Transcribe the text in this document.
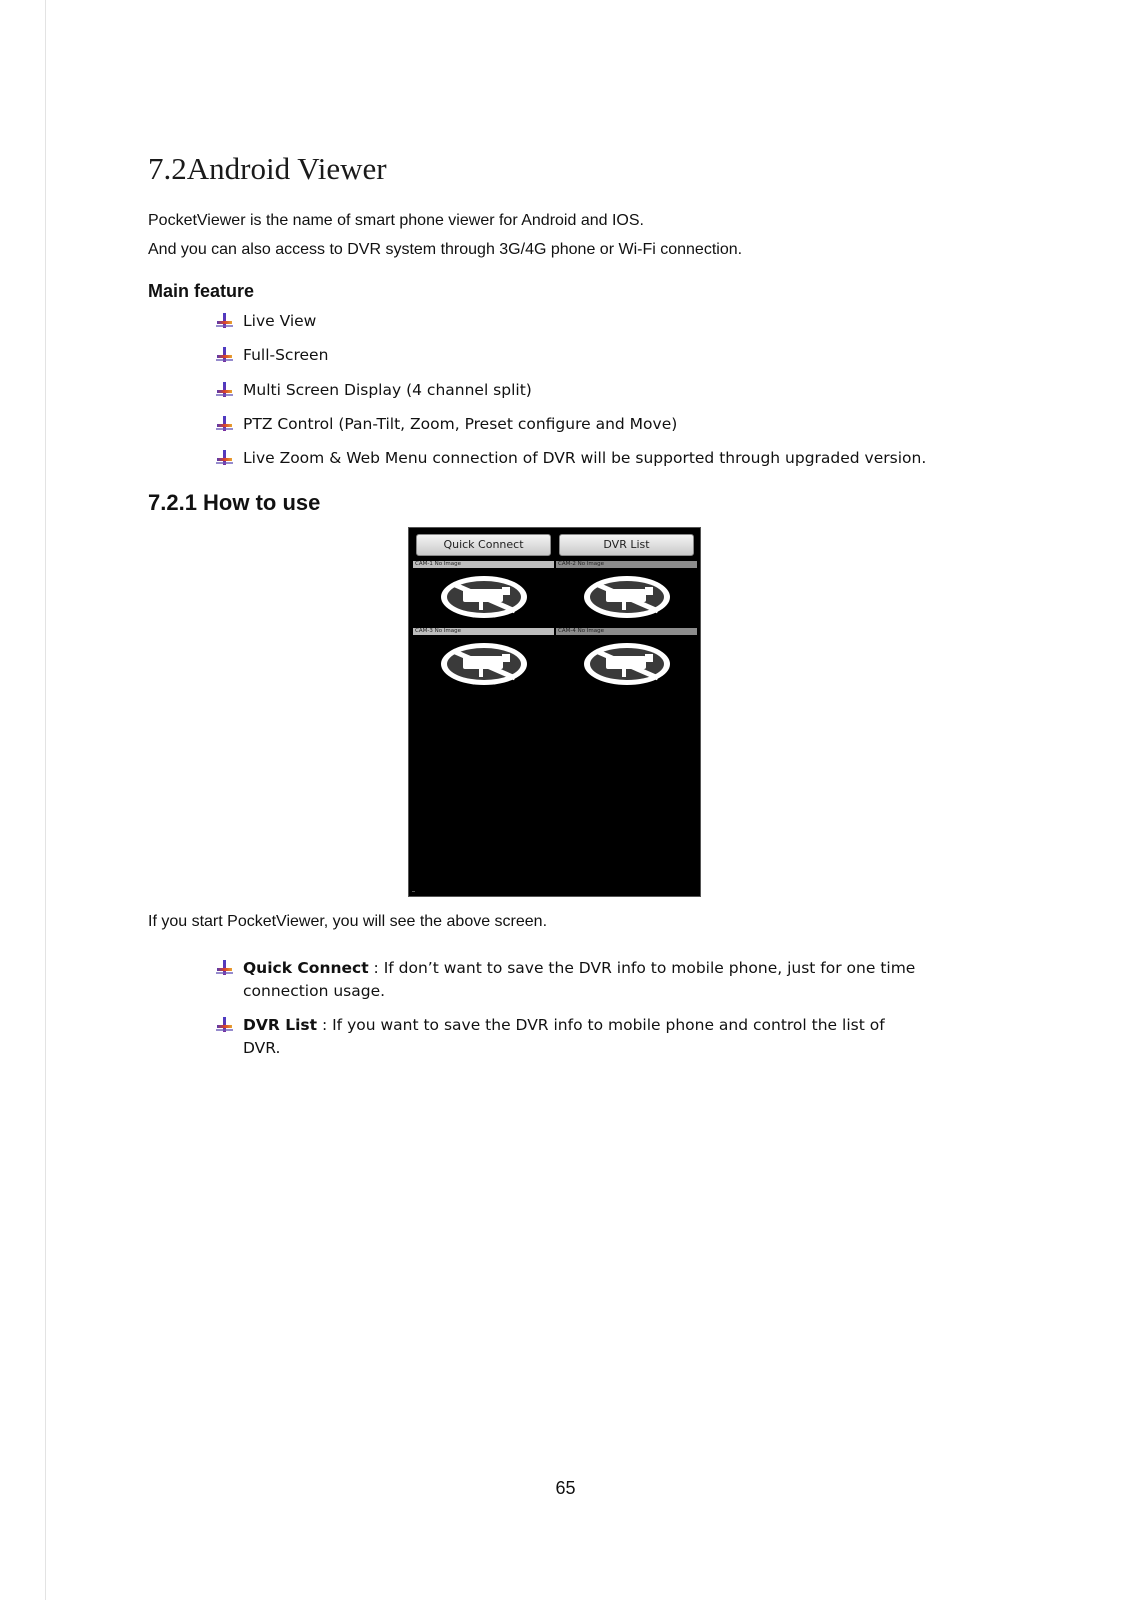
7.2Android Viewer

PocketViewer is the name of smart phone viewer for Android and IOS.

And you can also access to DVR system through 3G/4G phone or Wi-Fi connection.

Main feature
Live View
Full-Screen
Multi Screen Display (4 channel split)
PTZ Control (Pan-Tilt, Zoom, Preset configure and Move)
Live Zoom & Web Menu connection of DVR will be supported through upgraded version.
7.2.1 How to use
Quick Connect	DVR List
CAM-1 No Image	CAM-2 No Image
CAM-3 No Image	CAM-4 No Image

If you start PocketViewer, you will see the above screen.

Quick Connect : If don’t want to save the DVR info to mobile phone, just for one time connection usage.
DVR List : If you want to save the DVR info to mobile phone and control the list of DVR.

65
